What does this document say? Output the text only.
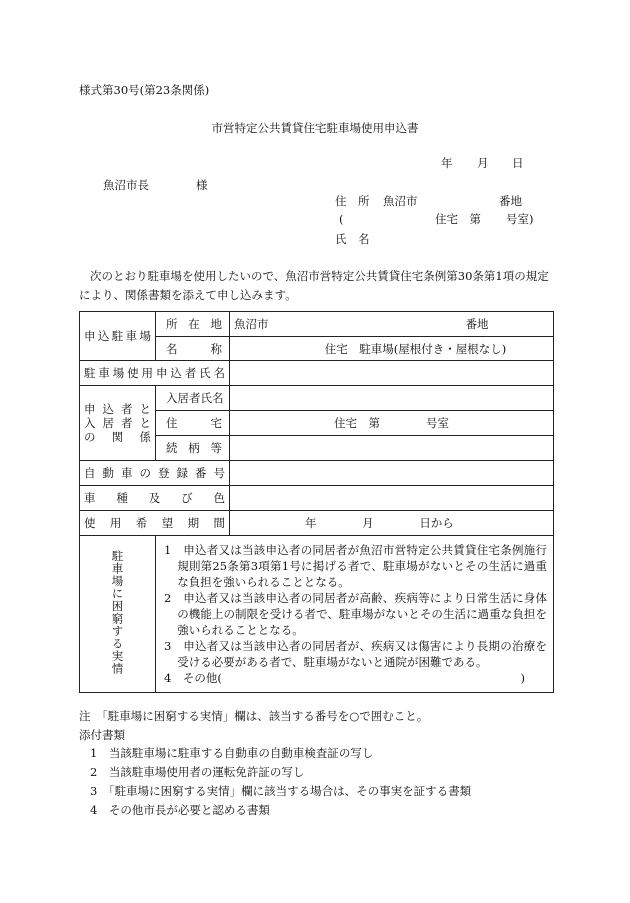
様式第30号(第23条関係)
市営特定公共賃貸住宅駐車場使用申込書
年 月 日
魚沼市長	様
住　所 魚沼市	番地
(	住宅　第 号室)
氏　名
次のとおり駐車場を使用したいので、魚沼市営特定公共賃貸住宅条例第30条第1項の規定
により、関係書類を添えて申し込みます。
申込駐車場	所在地	魚沼市 番地

	名称	住宅　駐車場(屋根付き・屋根なし)

駐車場使用申込者氏名		

申込者と
入居者と
の関係	入居者氏名	

	住宅	住宅　第　　　　号室

	続柄等	

自動車の登録番号		

車種及び色		

使用希望期間		年 月 日から
駐車場に困窮する実情	1　申込者又は当該申込者の同居者が魚沼市営特定公共賃貸住宅条例施行規則第25条第3項第1号に掲げる者で、駐車場がないとその生活に過重な負担を強いられることとなる。
2　申込者又は当該申込者の同居者が高齢、疾病等により日常生活に身体の機能上の制限を受ける者で、駐車場がないとその生活に過重な負担を強いられることとなる。
3　申込者又は当該申込者の同居者が、疾病又は傷害により長期の治療を受ける必要がある者で、駐車場がないと通院が困難である。
4　その他( )	
注　「駐車場に困窮する実情」欄は、該当する番号を○で囲むこと。
添付書類
1　当該駐車場に駐車する自動車の自動車検査証の写し
2　当該駐車場使用者の運転免許証の写し
3　「駐車場に困窮する実情」欄に該当する場合は、その事実を証する書類
4　その他市長が必要と認める書類
